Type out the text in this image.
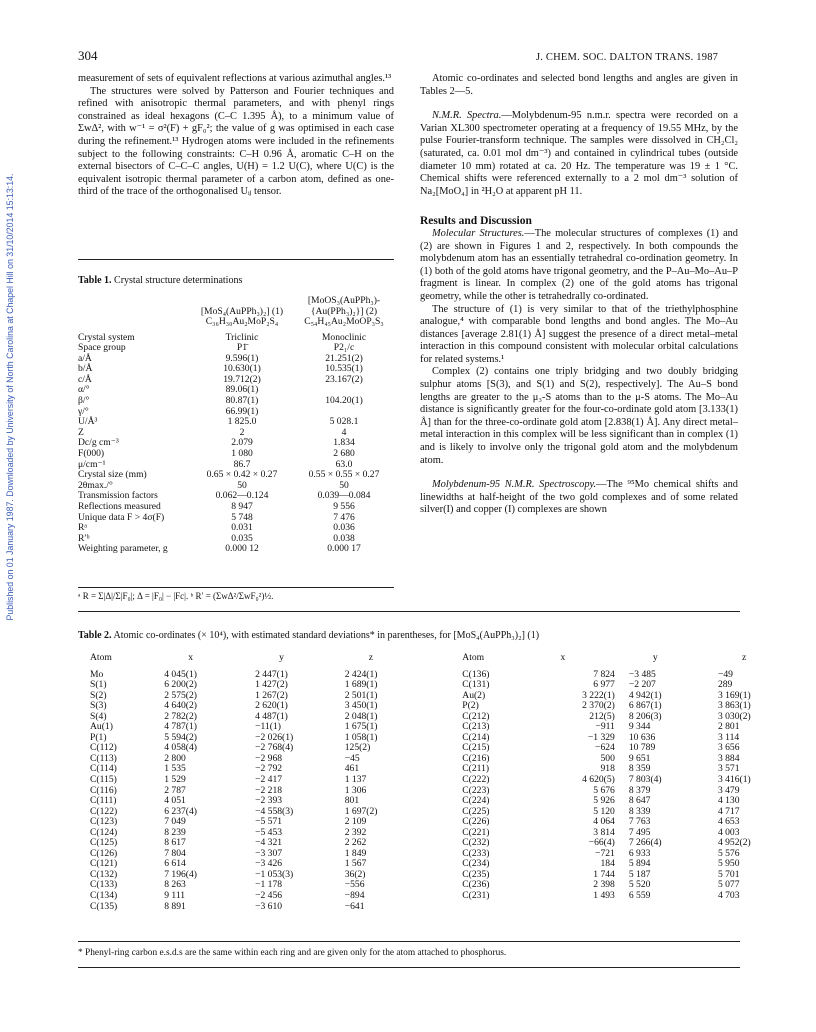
Published on 01 January 1987. Downloaded by University of North Carolina at Chapel Hill on 31/10/2014 15:13:14.
304	J. CHEM. SOC. DALTON TRANS. 1987

measurement of sets of equivalent reflections at various azimuthal angles.¹³

The structures were solved by Patterson and Fourier techniques and refined with anisotropic thermal parameters, and with phenyl rings constrained as ideal hexagons (C–C 1.395 Å), to a minimum value of ΣwΔ², with w⁻¹ = σ²(F) + gF₀²; the value of g was optimised in each case during the refinement.¹³ Hydrogen atoms were included in the refinements subject to the following constraints: C–H 0.96 Å, aromatic C–H on the external bisectors of C–C–C angles, U(H) = 1.2 U(C), where U(C) is the equivalent isotropic thermal parameter of a carbon atom, defined as one-third of the trace of the orthogonalised Uᵢⱼ tensor.

Atomic co-ordinates and selected bond lengths and angles are given in Tables 2—5.

N.M.R. Spectra.—Molybdenum-95 n.m.r. spectra were recorded on a Varian XL300 spectrometer operating at a frequency of 19.55 MHz, by the pulse Fourier-transform technique. The samples were dissolved in CH₂Cl₂ (saturated, ca. 0.01 mol dm⁻³) and contained in cylindrical tubes (outside diameter 10 mm) rotated at ca. 20 Hz. The temperature was 19 ± 1 °C. Chemical shifts were referenced externally to a 2 mol dm⁻³ solution of Na₂[MoO₄] in ²H₂O at apparent pH 11.

Results and Discussion

Molecular Structures.—The molecular structures of complexes (1) and (2) are shown in Figures 1 and 2, respectively. In both compounds the molybdenum atom has an essentially tetrahedral co-ordination geometry. In (1) both of the gold atoms have trigonal geometry, and the P–Au–Mo–Au–P fragment is linear. In complex (2) one of the gold atoms has trigonal geometry, while the other is tetrahedrally co-ordinated.

The structure of (1) is very similar to that of the triethylphosphine analogue,⁴ with comparable bond lengths and bond angles. The Mo–Au distances [average 2.81(1) Å] suggest the presence of a direct metal–metal interaction in this compound consistent with molecular orbital calculations for related systems.¹

Complex (2) contains one triply bridging and two doubly bridging sulphur atoms [S(3), and S(1) and S(2), respectively]. The Au–S bond lengths are greater to the μ₃-S atoms than to the μ-S atoms. The Mo–Au distance is significantly greater for the four-co-ordinate gold atom [3.133(1) Å] than for the three-co-ordinate gold atom [2.838(1) Å]. Any direct metal–metal interaction in this complex will be less significant than in complex (1) and is likely to involve only the trigonal gold atom and the molybdenum atom.

Molybdenum-95 N.M.R. Spectroscopy.—The ⁹⁵Mo chemical shifts and linewidths at half-height of the two gold complexes and of some related silver(I) and copper (I) complexes are shown

Table 1. Crystal structure determinations
		[MoOS₃(AuPPh₃)-
	[MoS₄(AuPPh₃)₂] (1)	{Au(PPh₃)₂}] (2)
	C₃₆H₃₀Au₂MoP₂S₄	C₅₄H₄₅Au₂MoOP₃S₃

Crystal system	Triclinic	Monoclinic
Space group	P1̄	P2₁/c
a/Å	9.596(1)	21.251(2)
b/Å	10.630(1)	10.535(1)
c/Å	19.712(2)	23.167(2)
α/°	89.06(1)	
β/°	80.87(1)	104.20(1)
γ/°	66.99(1)	
U/Å³	1 825.0	5 028.1
Z	2	4
Dc/g cm⁻³	2.079	1.834
F(000)	1 080	2 680
μ/cm⁻¹	86.7	63.0
Crystal size (mm)	0.65 × 0.42 × 0.27	0.55 × 0.55 × 0.27
2θmax./°	50	50
Transmission factors	0.062—0.124	0.039—0.084
Reflections measured	8 947	9 556
Unique data F > 4σ(F)	5 748	7 476
Rᵃ	0.031	0.036
R′ᵇ	0.035	0.038
Weighting parameter, g	0.000 12	0.000 17
ᵃ R = Σ|Δ|/Σ|F₀|; Δ = |F₀| − |Fc|. ᵇ R′ = (ΣwΔ²/ΣwF₀²)½.
Table 2. Atomic co-ordinates (× 10⁴), with estimated standard deviations* in parentheses, for [MoS₄(AuPPh₃)₂] (1)
Atom	x	y	z		Atom	x	y	z
Mo	4 045(1)	2 447(1)	2 424(1)		C(136)	7 824	−3 485	−49
S(1)	6 200(2)	1 427(2)	1 689(1)		C(131)	6 977	−2 207	289
S(2)	2 575(2)	1 267(2)	2 501(1)		Au(2)	3 222(1)	4 942(1)	3 169(1)
S(3)	4 640(2)	2 620(1)	3 450(1)		P(2)	2 370(2)	6 867(1)	3 863(1)
S(4)	2 782(2)	4 487(1)	2 048(1)		C(212)	212(5)	8 206(3)	3 030(2)
Au(1)	4 787(1)	−11(1)	1 675(1)		C(213)	−911	9 344	2 801
P(1)	5 594(2)	−2 026(1)	1 058(1)		C(214)	−1 329	10 636	3 114
C(112)	4 058(4)	−2 768(4)	125(2)		C(215)	−624	10 789	3 656
C(113)	2 800	−2 968	−45		C(216)	500	9 651	3 884
C(114)	1 535	−2 792	461		C(211)	918	8 359	3 571
C(115)	1 529	−2 417	1 137		C(222)	4 620(5)	7 803(4)	3 416(1)
C(116)	2 787	−2 218	1 306		C(223)	5 676	8 379	3 479
C(111)	4 051	−2 393	801		C(224)	5 926	8 647	4 130
C(122)	6 237(4)	−4 558(3)	1 697(2)		C(225)	5 120	8 339	4 717
C(123)	7 049	−5 571	2 109		C(226)	4 064	7 763	4 653
C(124)	8 239	−5 453	2 392		C(221)	3 814	7 495	4 003
C(125)	8 617	−4 321	2 262		C(232)	−66(4)	7 266(4)	4 952(2)
C(126)	7 804	−3 307	1 849		C(233)	−721	6 933	5 576
C(121)	6 614	−3 426	1 567		C(234)	184	5 894	5 950
C(132)	7 196(4)	−1 053(3)	36(2)		C(235)	1 744	5 187	5 701
C(133)	8 263	−1 178	−556		C(236)	2 398	5 520	5 077
C(134)	9 111	−2 456	−894		C(231)	1 493	6 559	4 703
C(135)	8 891	−3 610	−641					
* Phenyl-ring carbon e.s.d.s are the same within each ring and are given only for the atom attached to phosphorus.
